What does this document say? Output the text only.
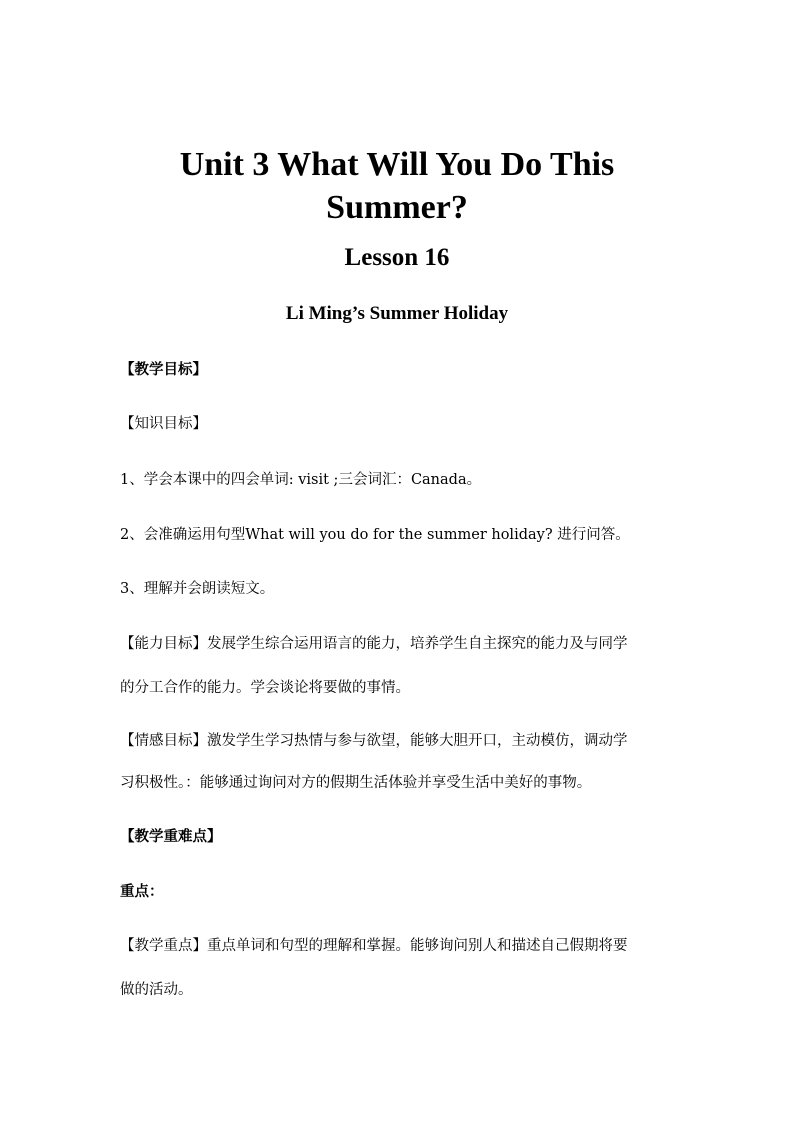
Unit 3 What Will You Do This Summer?
Lesson 16
Li Ming’s Summer Holiday

【教学目标】

【知识目标】

1、学会本课中的四会单词: visit ;三会词汇：Canada。

2、会准确运用句型What will you do for the summer holiday? 进行问答。

3、理解并会朗读短文。

【能力目标】发展学生综合运用语言的能力，培养学生自主探究的能力及与同学

的分工合作的能力。学会谈论将要做的事情。

【情感目标】激发学生学习热情与参与欲望，能够大胆开口，主动模仿，调动学

习积极性。：能够通过询问对方的假期生活体验并享受生活中美好的事物。

【教学重难点】

重点：

【教学重点】重点单词和句型的理解和掌握。能够询问别人和描述自己假期将要

做的活动。
